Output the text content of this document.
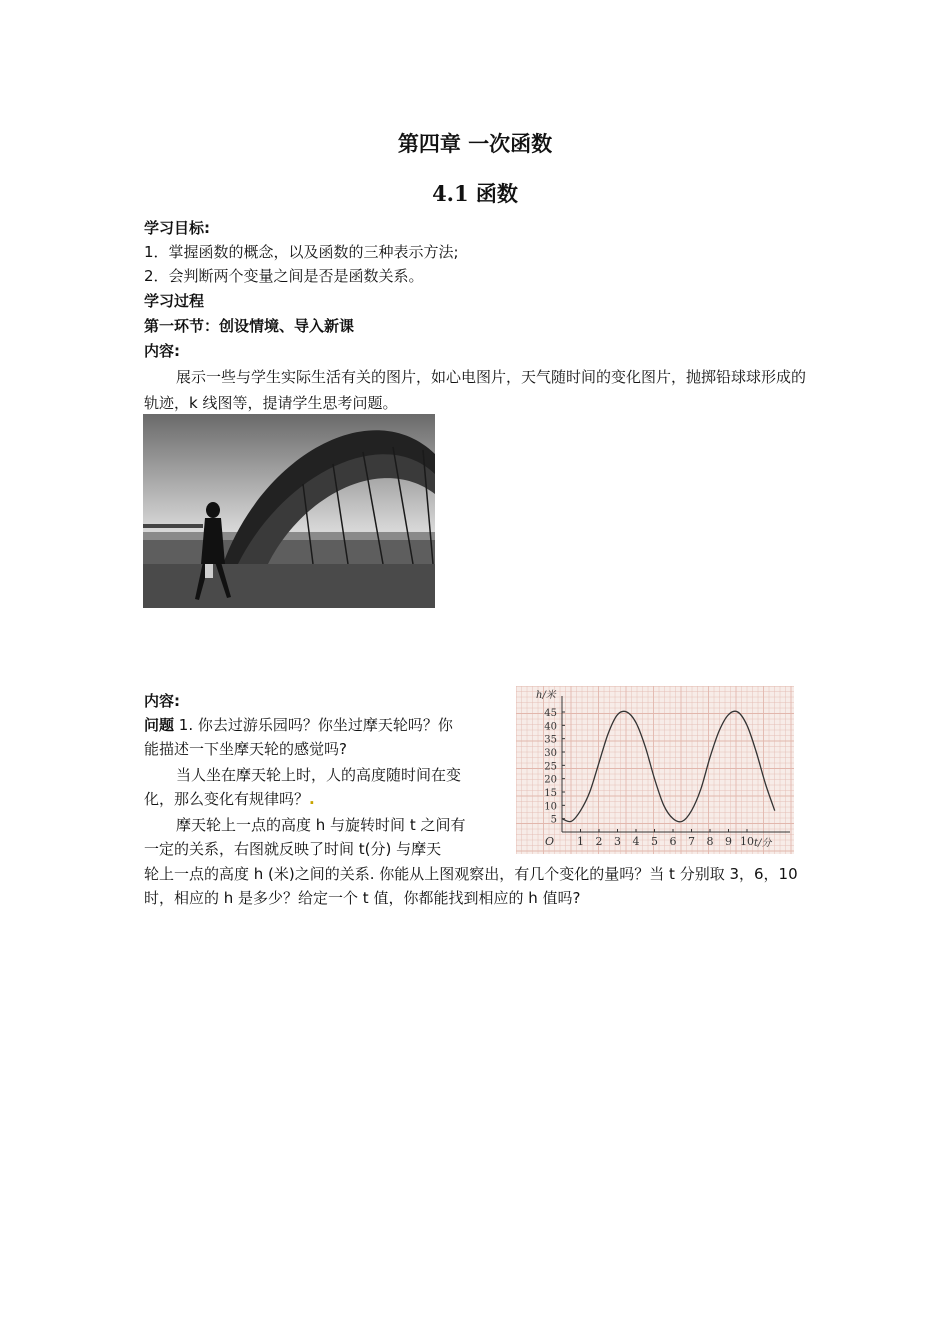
第四章 一次函数
4.1 函数
学习目标:
1．掌握函数的概念，以及函数的三种表示方法;
2．会判断两个变量之间是否是函数关系。
学习过程
第一环节：创设情境、导入新课
内容:
展示一些与学生实际生活有关的图片，如心电图片，天气随时间的变化图片，抛掷铅球球形成的轨迹，k 线图等，提请学生思考问题。
内容:
问题 1. 你去过游乐园吗？你坐过摩天轮吗？你
能描述一下坐摩天轮的感觉吗?
当人坐在摩天轮上时，人的高度随时间在变
化，那么变化有规律吗？.
摩天轮上一点的高度 h 与旋转时间 t 之间有
一定的关系，右图就反映了时间 t(分) 与摩天
轮上一点的高度 h (米)之间的关系. 你能从上图观察出，有几个变化的量吗？当 t 分别取 3，6，10 时，相应的 h 是多少？给定一个 t 值，你都能找到相应的 h 值吗?
1 2 3 4 5 6 7 8 9 10
5
10
15
20
25
30
35
40
45
O
h/米
t/分
